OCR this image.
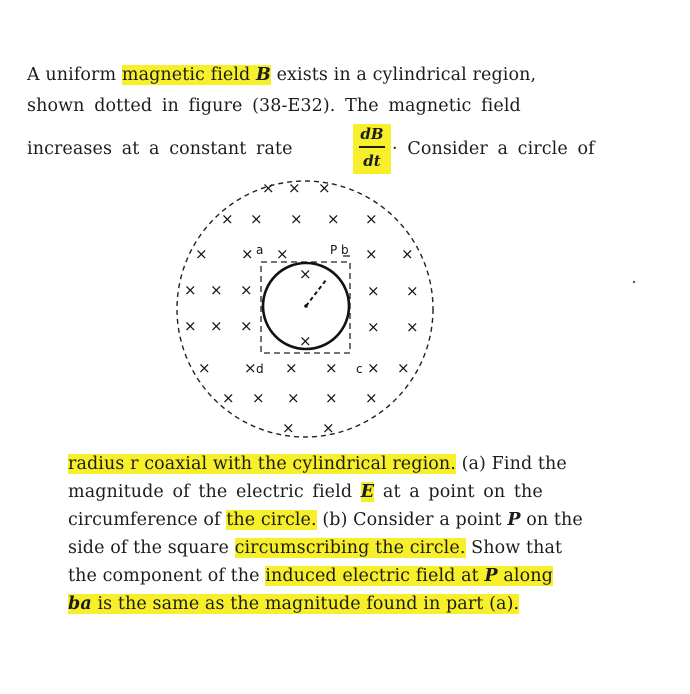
A uniform magnetic field B exists in a cylindrical region,
shown dotted in figure (38-E32). The magnetic field
increases at a constant rate
dB
dt
· Consider a circle of
a	P b
c
d
× × ×
× × × × ×
× × ×	× ×
× × ×	× ×
×
×
× × ×	× ×
× × × × × ×
× × × × ×
× ×
radius r coaxial with the cylindrical region. (a) Find the
magnitude of the electric field E at a point on the
circumference of the circle. (b) Consider a point P on the
side of the square circumscribing the circle. Show that
the component of the induced electric field at P along
ba is the same as the magnitude found in part (a).
